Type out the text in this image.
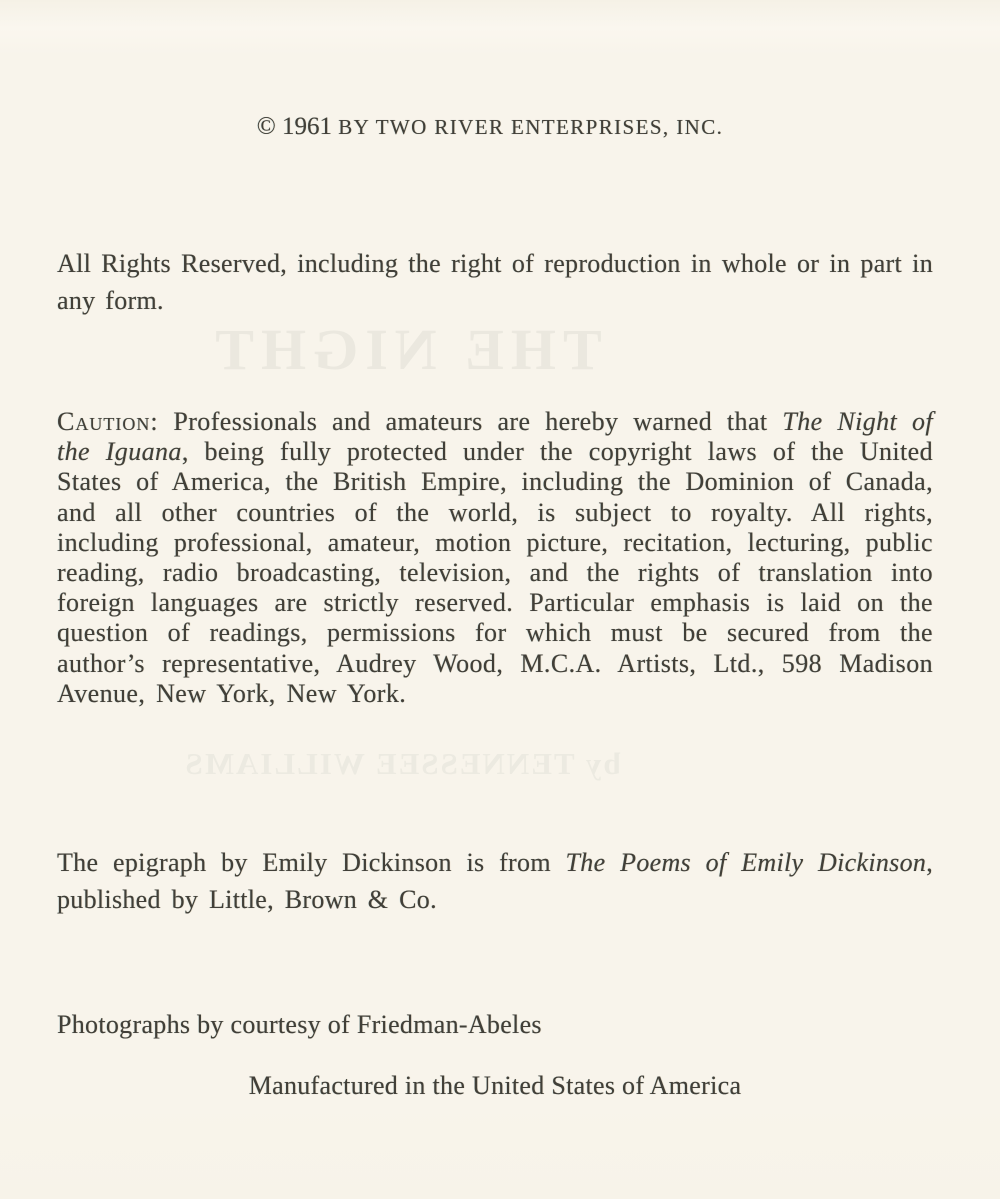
THE NIGHT
by TENNESSEE WILLIAMS
© 1961 BY TWO RIVER ENTERPRISES, INC.
All Rights Reserved, including the right of reproduction in whole or in part in any form.
Caution: Professionals and amateurs are hereby warned that The Night of the Iguana, being fully protected under the copyright laws of the United States of America, the British Empire, including the Dominion of Canada, and all other countries of the world, is subject to royalty. All rights, including professional, amateur, motion picture, recitation, lecturing, public reading, radio broadcasting, television, and the rights of translation into foreign languages are strictly reserved. Particular emphasis is laid on the question of readings, permissions for which must be secured from the author’s representative, Audrey Wood, M.C.A. Artists, Ltd., 598 Madison Avenue, New York, New York.
The epigraph by Emily Dickinson is from The Poems of Emily Dickinson, published by Little, Brown & Co.
Photographs by courtesy of Friedman-Abeles
Manufactured in the United States of America
